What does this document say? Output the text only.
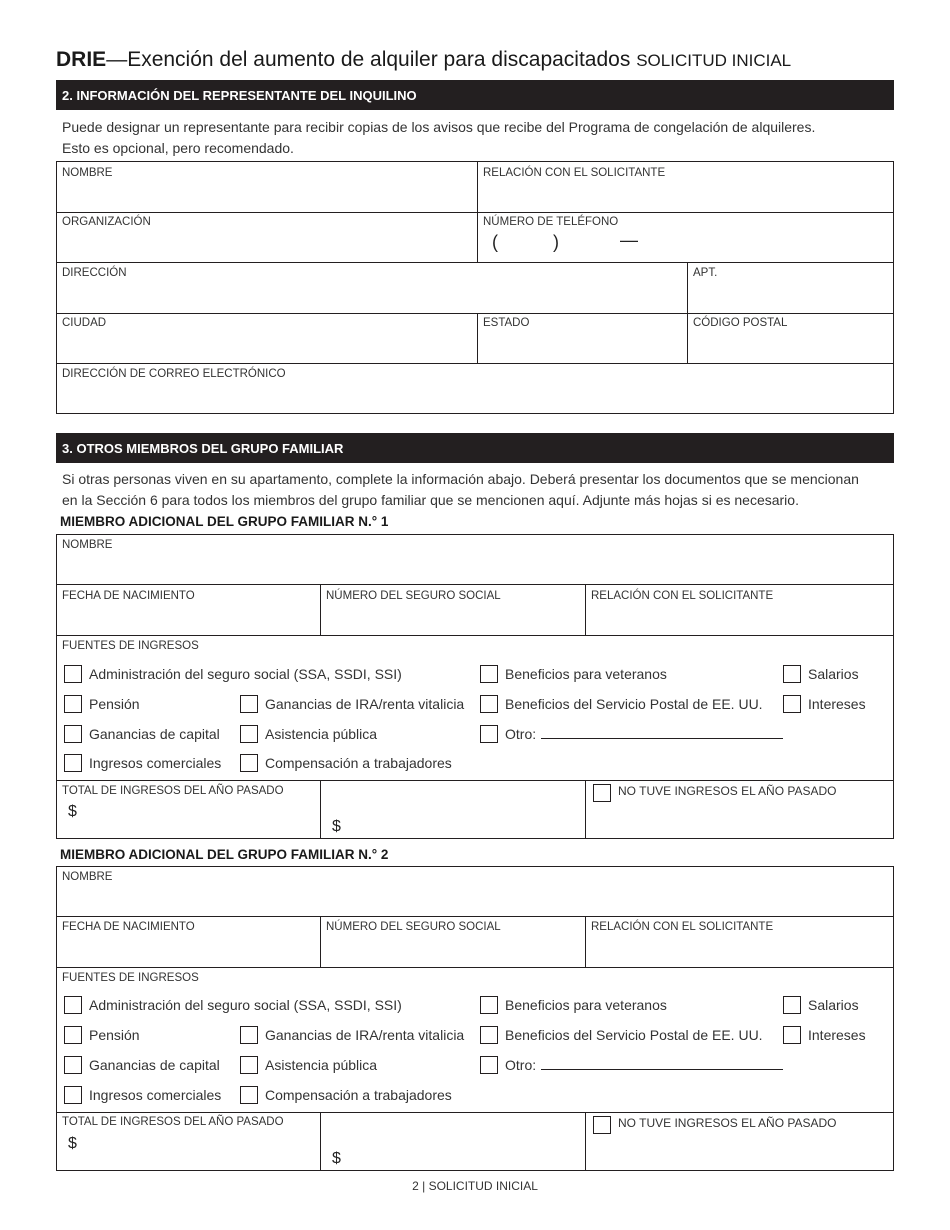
DRIE—Exención del aumento de alquiler para discapacitados SOLICITUD INICIAL
2. INFORMACIÓN DEL REPRESENTANTE DEL INQUILINO
Puede designar un representante para recibir copias de los avisos que recibe del Programa de congelación de alquileres.
Esto es opcional, pero recomendado.
NOMBRE	RELACIÓN CON EL SOLICITANTE
ORGANIZACIÓN	NÚMERO DE TELÉFONO
(	)	—
DIRECCIÓN	APT.
CIUDAD	ESTADO	CÓDIGO POSTAL
DIRECCIÓN DE CORREO ELECTRÓNICO
3. OTROS MIEMBROS DEL GRUPO FAMILIAR
Si otras personas viven en su apartamento, complete la información abajo. Deberá presentar los documentos que se mencionan
en la Sección 6 para todos los miembros del grupo familiar que se mencionen aquí. Adjunte más hojas si es necesario.
MIEMBRO ADICIONAL DEL GRUPO FAMILIAR N.° 1
NOMBRE
FECHA DE NACIMIENTO	NÚMERO DEL SEGURO SOCIAL	RELACIÓN CON EL SOLICITANTE
FUENTES DE INGRESOS
Administración del seguro social (SSA, SSDI, SSI)	Beneficios para veteranos	Salarios
Pensión	Ganancias de IRA/renta vitalicia	Beneficios del Servicio Postal de EE. UU.	Intereses
Ganancias de capital	Asistencia pública	Otro:
Ingresos comerciales	Compensación a trabajadores
TOTAL DE INGRESOS DEL AÑO PASADO
$
$
NO TUVE INGRESOS EL AÑO PASADO
MIEMBRO ADICIONAL DEL GRUPO FAMILIAR N.° 2
NOMBRE
FECHA DE NACIMIENTO	NÚMERO DEL SEGURO SOCIAL	RELACIÓN CON EL SOLICITANTE
FUENTES DE INGRESOS
Administración del seguro social (SSA, SSDI, SSI)	Beneficios para veteranos	Salarios
Pensión	Ganancias de IRA/renta vitalicia	Beneficios del Servicio Postal de EE. UU.	Intereses
Ganancias de capital	Asistencia pública	Otro:
Ingresos comerciales	Compensación a trabajadores
TOTAL DE INGRESOS DEL AÑO PASADO
$
$
NO TUVE INGRESOS EL AÑO PASADO
2 | SOLICITUD INICIAL
